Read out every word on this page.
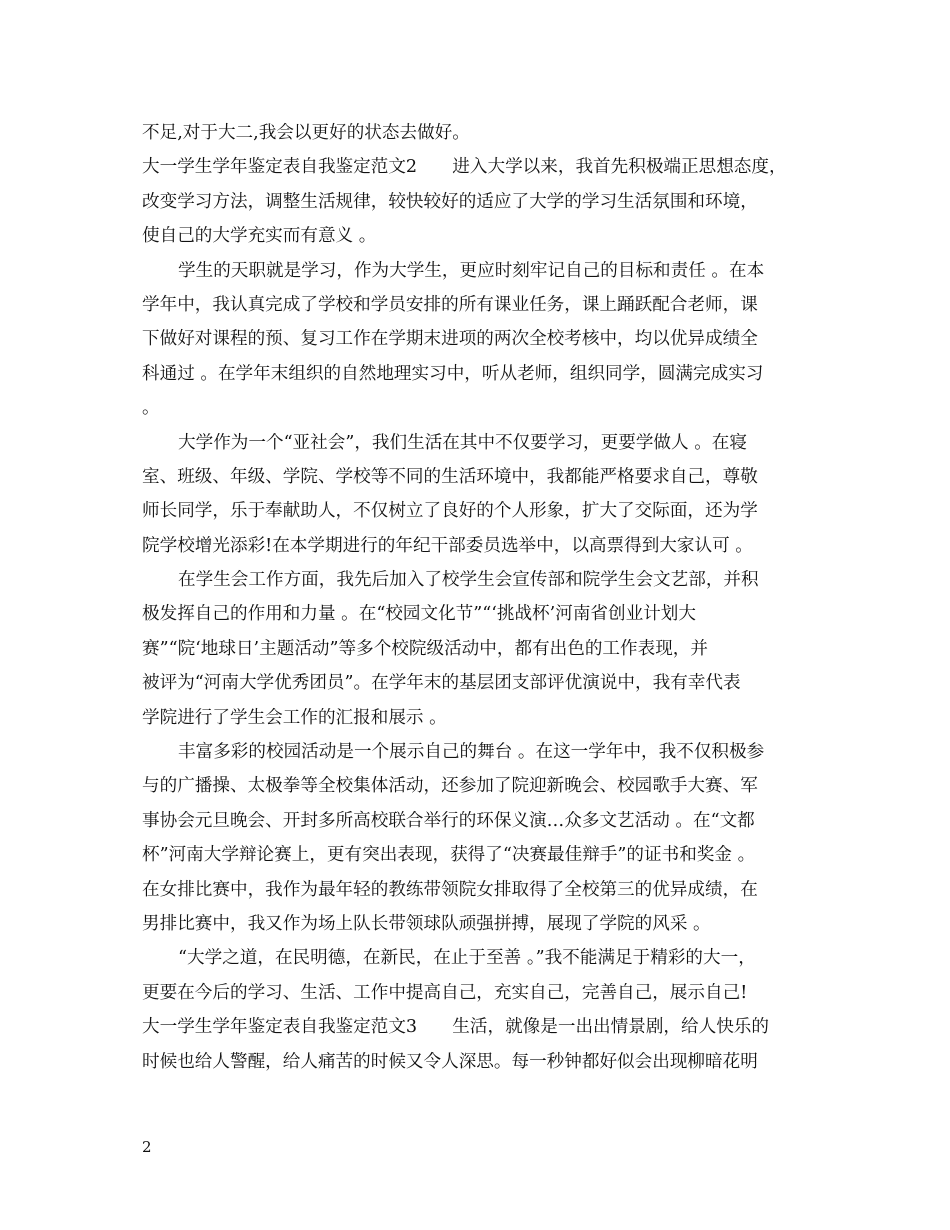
不足,对于大二,我会以更好的状态去做好。
大一学生学年鉴定表自我鉴定范文2　　进入大学以来，我首先积极端正思想态度，
改变学习方法，调整生活规律，较快较好的适应了大学的学习生活氛围和环境，
使自己的大学充实而有意义 。
学生的天职就是学习，作为大学生，更应时刻牢记自己的目标和责任 。在本
学年中，我认真完成了学校和学员安排的所有课业任务，课上踊跃配合老师，课
下做好对课程的预、复习工作在学期末进项的两次全校考核中，均以优异成绩全
科通过 。在学年末组织的自然地理实习中，听从老师，组织同学，圆满完成实习
。
大学作为一个“亚社会”，我们生活在其中不仅要学习，更要学做人 。在寝
室、班级、年级、学院、学校等不同的生活环境中，我都能严格要求自己，尊敬
师长同学，乐于奉献助人，不仅树立了良好的个人形象，扩大了交际面，还为学
院学校增光添彩!在本学期进行的年纪干部委员选举中，以高票得到大家认可 。
在学生会工作方面，我先后加入了校学生会宣传部和院学生会文艺部，并积
极发挥自己的作用和力量 。在“校园文化节”“‘挑战杯’河南省创业计划大
赛”“院‘地球日’主题活动”等多个校院级活动中，都有出色的工作表现，并
被评为“河南大学优秀团员”。在学年末的基层团支部评优演说中，我有幸代表
学院进行了学生会工作的汇报和展示 。
丰富多彩的校园活动是一个展示自己的舞台 。在这一学年中，我不仅积极参
与的广播操、太极拳等全校集体活动，还参加了院迎新晚会、校园歌手大赛、军
事协会元旦晚会、开封多所高校联合举行的环保义演…众多文艺活动 。在“文都
杯”河南大学辩论赛上，更有突出表现，获得了“决赛最佳辩手”的证书和奖金 。
在女排比赛中，我作为最年轻的教练带领院女排取得了全校第三的优异成绩，在
男排比赛中，我又作为场上队长带领球队顽强拼搏，展现了学院的风采 。
“大学之道，在民明德，在新民，在止于至善 。”我不能满足于精彩的大一，
更要在今后的学习、生活、工作中提高自己，充实自己，完善自己，展示自己!
大一学生学年鉴定表自我鉴定范文3　　生活，就像是一出出情景剧，给人快乐的
时候也给人警醒，给人痛苦的时候又令人深思。每一秒钟都好似会出现柳暗花明
2
